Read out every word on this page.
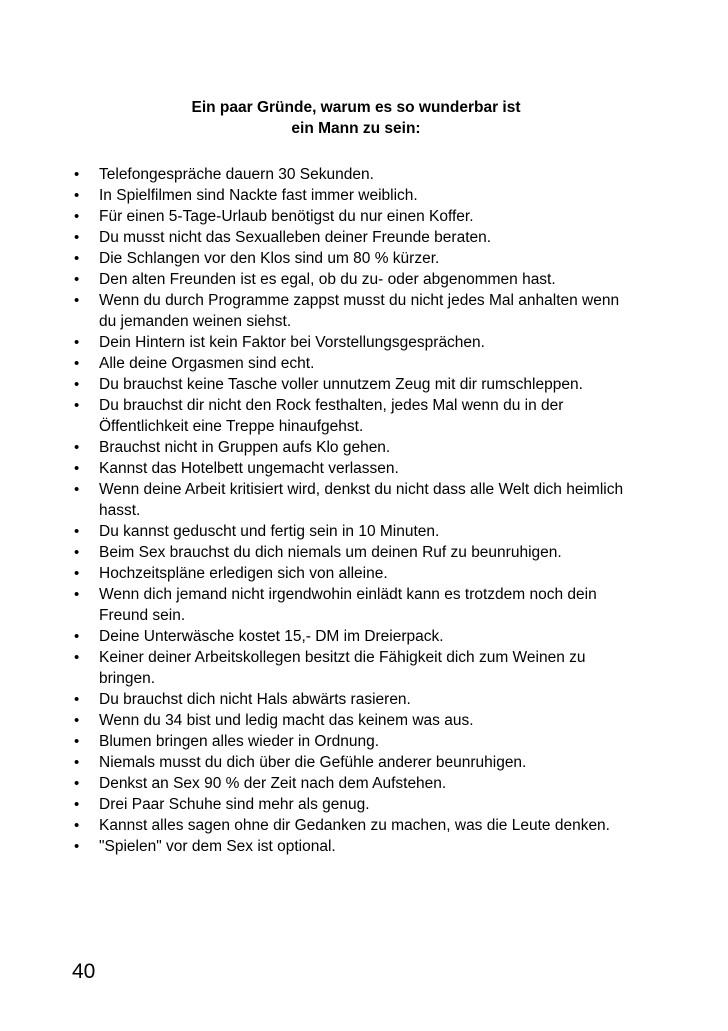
Ein paar Gründe, warum es so wunderbar ist
ein Mann zu sein:
• Telefongespräche dauern 30 Sekunden.
• In Spielfilmen sind Nackte fast immer weiblich.
• Für einen 5-Tage-Urlaub benötigst du nur einen Koffer.
• Du musst nicht das Sexualleben deiner Freunde beraten.
• Die Schlangen vor den Klos sind um 80 % kürzer.
• Den alten Freunden ist es egal, ob du zu- oder abgenommen hast.
• Wenn du durch Programme zappst musst du nicht jedes Mal anhalten wenn du jemanden weinen siehst.
• Dein Hintern ist kein Faktor bei Vorstellungsgesprächen.
• Alle deine Orgasmen sind echt.
• Du brauchst keine Tasche voller unnutzem Zeug mit dir rumschleppen.
• Du brauchst dir nicht den Rock festhalten, jedes Mal wenn du in der Öffentlichkeit eine Treppe hinaufgehst.
• Brauchst nicht in Gruppen aufs Klo gehen.
• Kannst das Hotelbett ungemacht verlassen.
• Wenn deine Arbeit kritisiert wird, denkst du nicht dass alle Welt dich heimlich hasst.
• Du kannst geduscht und fertig sein in 10 Minuten.
• Beim Sex brauchst du dich niemals um deinen Ruf zu beunruhigen.
• Hochzeitspläne erledigen sich von alleine.
• Wenn dich jemand nicht irgendwohin einlädt kann es trotzdem noch dein Freund sein.
• Deine Unterwäsche kostet 15,- DM im Dreierpack.
• Keiner deiner Arbeitskollegen besitzt die Fähigkeit dich zum Weinen zu bringen.
• Du brauchst dich nicht Hals abwärts rasieren.
• Wenn du 34 bist und ledig macht das keinem was aus.
• Blumen bringen alles wieder in Ordnung.
• Niemals musst du dich über die Gefühle anderer beunruhigen.
• Denkst an Sex 90 % der Zeit nach dem Aufstehen.
• Drei Paar Schuhe sind mehr als genug.
• Kannst alles sagen ohne dir Gedanken zu machen, was die Leute denken.
• "Spielen" vor dem Sex ist optional.
40
